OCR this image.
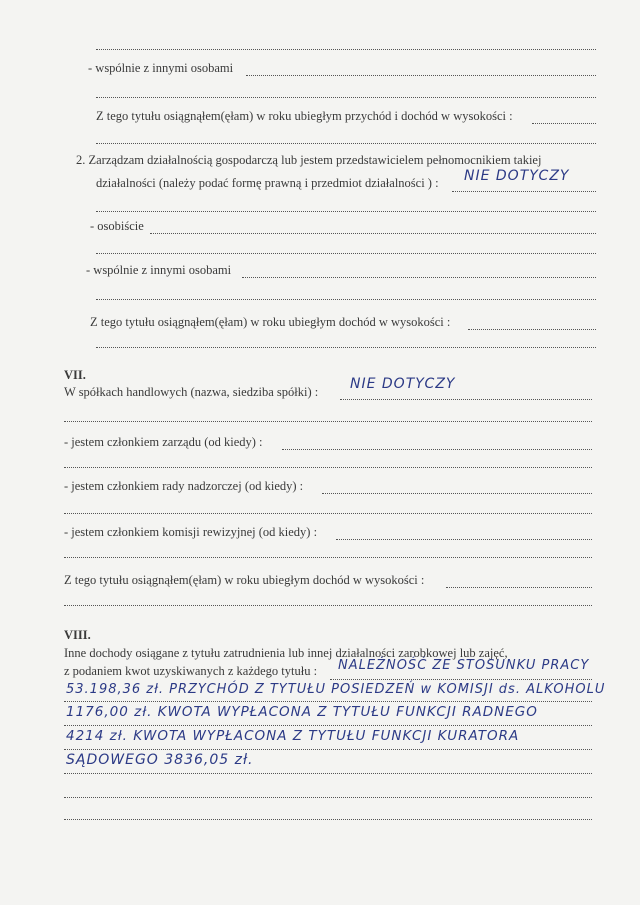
- wspólnie z innymi osobami
Z tego tytułu osiągnąłem(ęłam) w roku ubiegłym przychód i dochód w wysokości :
2. Zarządzam działalnością gospodarczą lub jestem przedstawicielem pełnomocnikiem takiej
działalności (należy podać formę prawną i przedmiot działalności ) : NIE DOTYCZY
- osobiście
- wspólnie z innymi osobami
Z tego tytułu osiągnąłem(ęłam) w roku ubiegłym dochód w wysokości :
VII.
W spółkach handlowych (nazwa, siedziba spółki) : NIE DOTYCZY
- jestem członkiem zarządu (od kiedy) :
- jestem członkiem rady nadzorczej (od kiedy) :
- jestem członkiem komisji rewizyjnej (od kiedy) :
Z tego tytułu osiągnąłem(ęłam) w roku ubiegłym dochód w wysokości :
VIII.
Inne dochody osiągane z tytułu zatrudnienia lub innej działalności zarobkowej lub zajęć,
z podaniem kwot uzyskiwanych z każdego tytułu : NALEŻNOŚĆ ZE STOSUNKU PRACY
53.198,36 zł. PRZYCHÓD Z TYTUŁU POSIEDZEŃ w KOMISJI ds. ALKOHOLU
1176,00 zł. KWOTA WYPŁACONA Z TYTUŁU FUNKCJI RADNEGO
4214 zł. KWOTA WYPŁACONA Z TYTUŁU FUNKCJI KURATORA
SĄDOWEGO 3836,05 zł.
